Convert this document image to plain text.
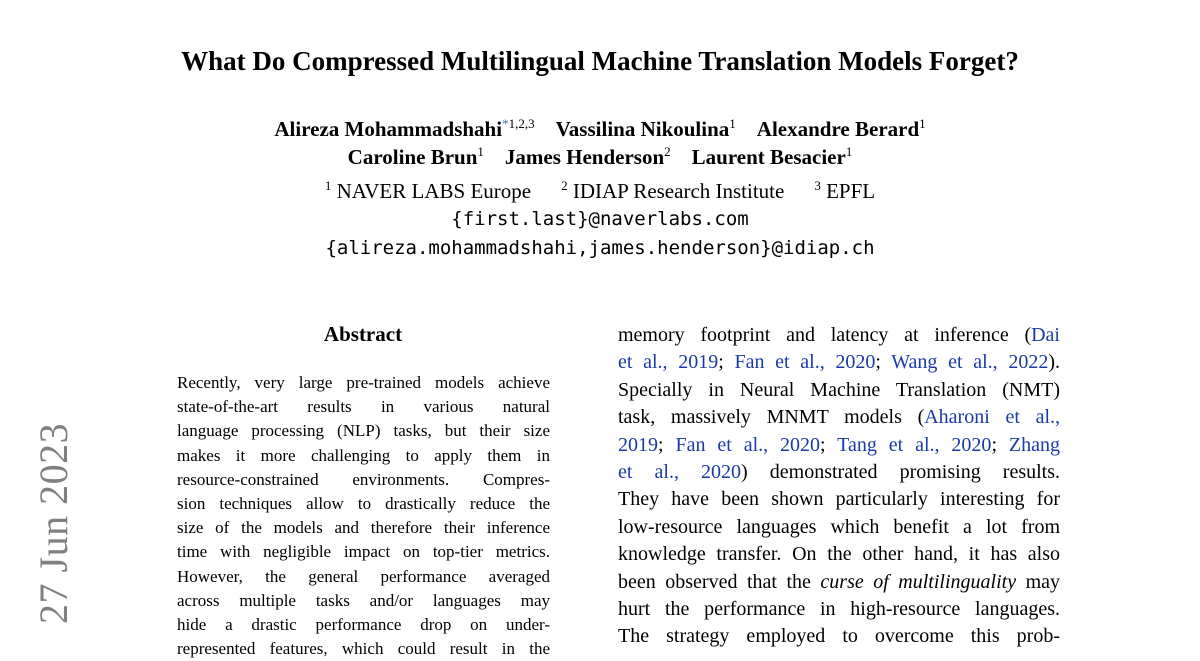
27 Jun 2023
What Do Compressed Multilingual Machine Translation Models Forget?
Alireza Mohammadshahi$^{*1,2,3}$  Vassilina Nikoulina$^1$  Alexandre Berard$^1$
Caroline Brun$^1$  James Henderson$^2$  Laurent Besacier$^1$
$^1$ NAVER LABS Europe $^2$ IDIAP Research Institute $^3$ EPFL
{first.last}@naverlabs.com
{alireza.mohammadshahi,james.henderson}@idiap.ch
Abstract
Recently, very large pre-trained models achieve
state-of-the-art results in various natural
language processing (NLP) tasks, but their size
makes it more challenging to apply them in
resource-constrained environments. Compres-
sion techniques allow to drastically reduce the
size of the models and therefore their inference
time with negligible impact on top-tier metrics.
However, the general performance averaged
across multiple tasks and/or languages may
hide a drastic performance drop on under-
represented features, which could result in the
memory footprint and latency at inference (Dai
et al., 2019; Fan et al., 2020; Wang et al., 2022).
Specially in Neural Machine Translation (NMT)
task, massively MNMT models (Aharoni et al.,
2019; Fan et al., 2020; Tang et al., 2020; Zhang
et al., 2020) demonstrated promising results.
They have been shown particularly interesting for
low-resource languages which benefit a lot from
knowledge transfer. On the other hand, it has also
been observed that the curse of multilinguality may
hurt the performance in high-resource languages.
The strategy employed to overcome this prob-
